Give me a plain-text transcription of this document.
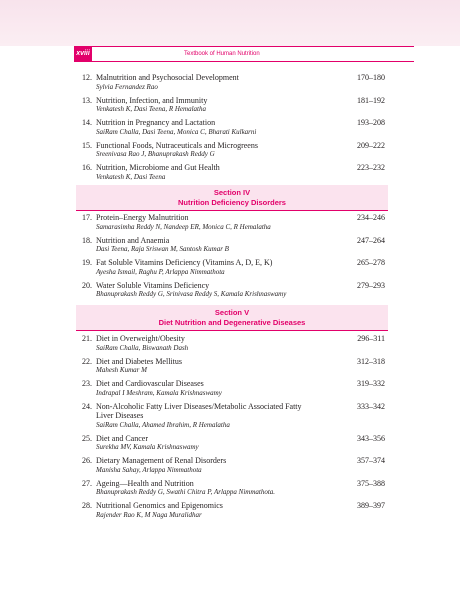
xviii	Textbook of Human Nutrition
12. Malnutrition and Psychosocial Development
Sylvia Fernandez Rao
170–180
13. Nutrition, Infection, and Immunity
Venkatesh K, Dasi Teena, R Hemalatha
181–192
14. Nutrition in Pregnancy and Lactation
SaiRam Challa, Dasi Teena, Monica C, Bharati Kulkarni
193–208
15. Functional Foods, Nutraceuticals and Microgreens
Sreenivasa Rao J, Bhanuprakash Reddy G
209–222
16. Nutrition, Microbiome and Gut Health
Venkatesh K, Dasi Teena
223–232
Section IV
Nutrition Deficiency Disorders
17. Protein–Energy Malnutrition
Samarasimha Reddy N, Nandeep ER, Monica C, R Hemalatha
234–246
18. Nutrition and Anaemia
Dasi Teena, Raja Sriswan M, Santosh Kumar B
247–264
19. Fat Soluble Vitamins Deficiency (Vitamins A, D, E, K)
Ayesha Ismail, Raghu P, Arlappa Nimmathota
265–278
20. Water Soluble Vitamins Deficiency
Bhanuprakash Reddy G, Srinivasa Reddy S, Kamala Krishnaswamy
279–293
Section V
Diet Nutrition and Degenerative Diseases
21. Diet in Overweight/Obesity
SaiRam Challa, Biswanath Dash
296–311
22. Diet and Diabetes Mellitus
Mahesh Kumar M
312–318
23. Diet and Cardiovascular Diseases
Indrapal I Meshram, Kamala Krishnaswamy
319–332
24. Non-Alcoholic Fatty Liver Diseases/Metabolic Associated Fatty Liver Diseases
SaiRam Challa, Ahamed Ibrahim, R Hemalatha
333–342
25. Diet and Cancer
Surekha MV, Kamala Krishnaswamy
343–356
26. Dietary Management of Renal Disorders
Manisha Sahay, Arlappa Nimmathota
357–374
27. Ageing—Health and Nutrition
Bhanuprakash Reddy G, Swathi Chitra P, Arlappa Nimmathota.
375–388
28. Nutritional Genomics and Epigenomics
Rajender Rao K, M Naga Muralidhar
389–397
